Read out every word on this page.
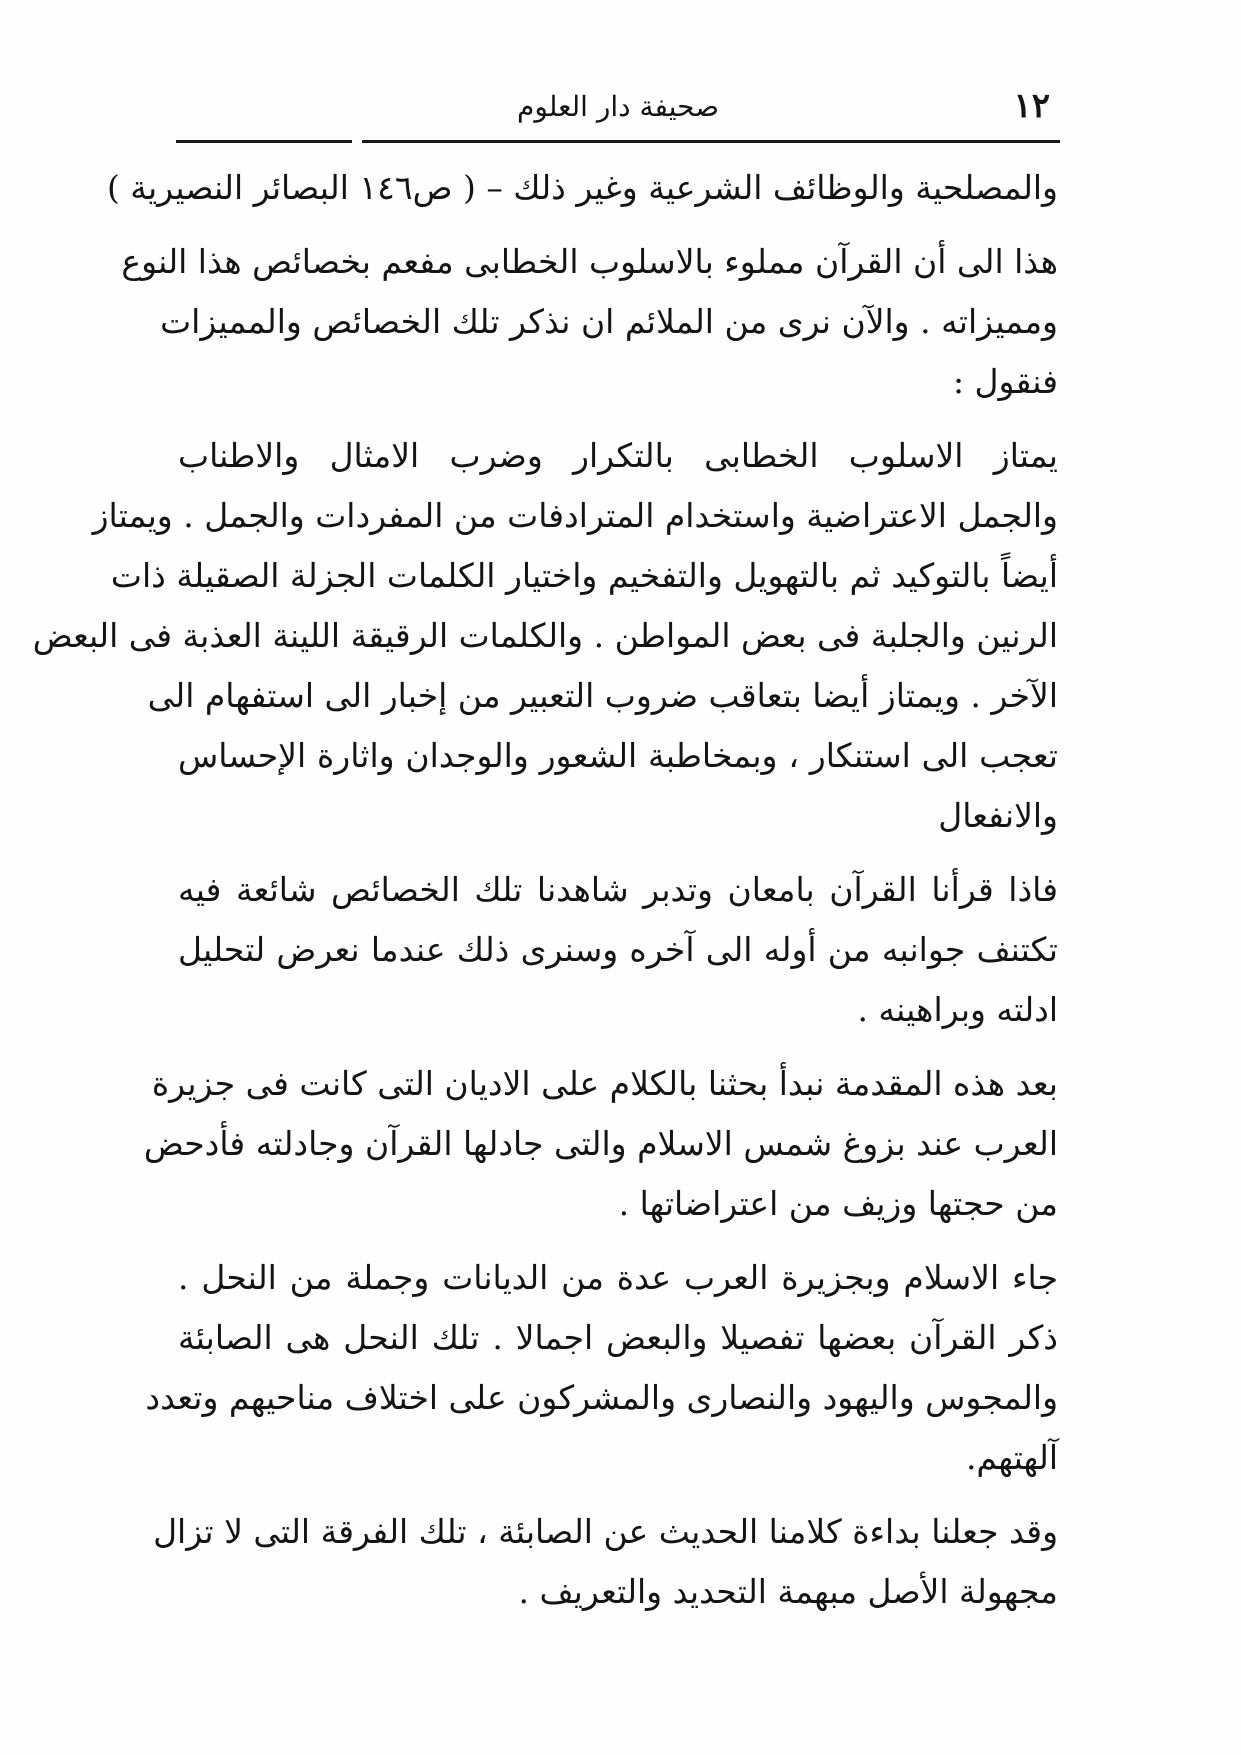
١٢
صحيفة دار العلوم
والمصلحية والوظائف الشرعية وغير ذلك – ( ص١٤٦ البصائر النصيرية )
هذا الى أن القرآن مملوء بالاسلوب الخطابى مفعم بخصائص هذا النوع
ومميزاته . والآن نرى من الملائم ان نذكر تلك الخصائص والمميزات
فنقول :
يمتاز الاسلوب الخطابى بالتكرار وضرب الامثال والاطناب
والجمل الاعتراضية واستخدام المترادفات من المفردات والجمل . ويمتاز
أيضاً بالتوكيد ثم بالتهويل والتفخيم واختيار الكلمات الجزلة الصقيلة ذات
الرنين والجلبة فى بعض المواطن . والكلمات الرقيقة اللينة العذبة فى البعض
الآخر . ويمتاز أيضا بتعاقب ضروب التعبير من إخبار الى استفهام الى
تعجب الى استنكار ، وبمخاطبة الشعور والوجدان واثارة الإحساس
والانفعال
فاذا قرأنا القرآن بامعان وتدبر شاهدنا تلك الخصائص شائعة فيه
تكتنف جوانبه من أوله الى آخره وسنرى ذلك عندما نعرض لتحليل
ادلته وبراهينه .
بعد هذه المقدمة نبدأ بحثنا بالكلام على الاديان التى كانت فى جزيرة
العرب عند بزوغ شمس الاسلام والتى جادلها القرآن وجادلته فأدحض
من حجتها وزيف من اعتراضاتها .
جاء الاسلام وبجزيرة العرب عدة من الديانات وجملة من النحل .
ذكر القرآن بعضها تفصيلا والبعض اجمالا . تلك النحل هى الصابئة
والمجوس واليهود والنصارى والمشركون على اختلاف مناحيهم وتعدد
آلهتهم.
وقد جعلنا بداءة كلامنا الحديث عن الصابئة ، تلك الفرقة التى لا تزال
مجهولة الأصل مبهمة التحديد والتعريف .
